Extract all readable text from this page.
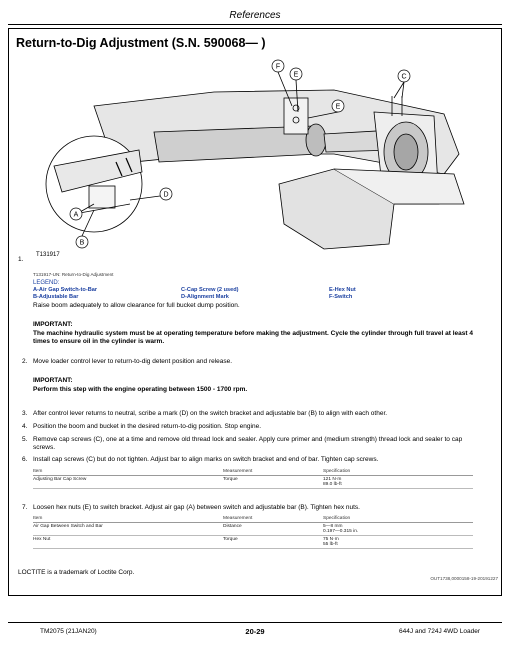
References
Return-to-Dig Adjustment (S.N. 590068— )
F
E
E
C
D
A
B
1.
T131917
T131917-UN: Return-to-Dig Adjustment
LEGEND:
A-Air Gap Switch-to-Bar
B-Adjustable Bar
C-Cap Screw (2 used)
D-Alignment Mark
E-Hex Nut
F-Switch
Raise boom adequately to allow clearance for full bucket dump position.
IMPORTANT:
The machine hydraulic system must be at operating temperature before making the adjustment. Cycle the cylinder through full travel at least 4 times to ensure oil in the cylinder is warm.
2. Move loader control lever to return-to-dig detent position and release.
IMPORTANT:
Perform this step with the engine operating between 1500 - 1700 rpm.
3. After control lever returns to neutral, scribe a mark (D) on the switch bracket and adjustable bar (B) to align with each other.
4. Position the boom and bucket in the desired return-to-dig position. Stop engine.
5. Remove cap screws (C), one at a time and remove old thread lock and sealer. Apply cure primer and (medium strength) thread lock and sealer to cap screws.
6. Install cap screws (C) but do not tighten. Adjust bar to align marks on switch bracket and end of bar. Tighten cap screws.
Item	Measurement	Specification
Adjusting Bar Cap Screw	Torque	121 N·m
89.0 lb-ft
7. Loosen hex nuts (E) to switch bracket. Adjust air gap (A) between switch and adjustable bar (B). Tighten hex nuts.
Item	Measurement	Specification
Air Gap Between Switch and Bar	Distance	5—8 mm
0.197—0.315 in.

Hex Nut	Torque	75 N·m
55 lb-ft
LOCTITE is a trademark of Loctite Corp.
OUT1738,0000158-19-20191227
TM2075 (21JAN20)	20-29	644J and 724J 4WD Loader
